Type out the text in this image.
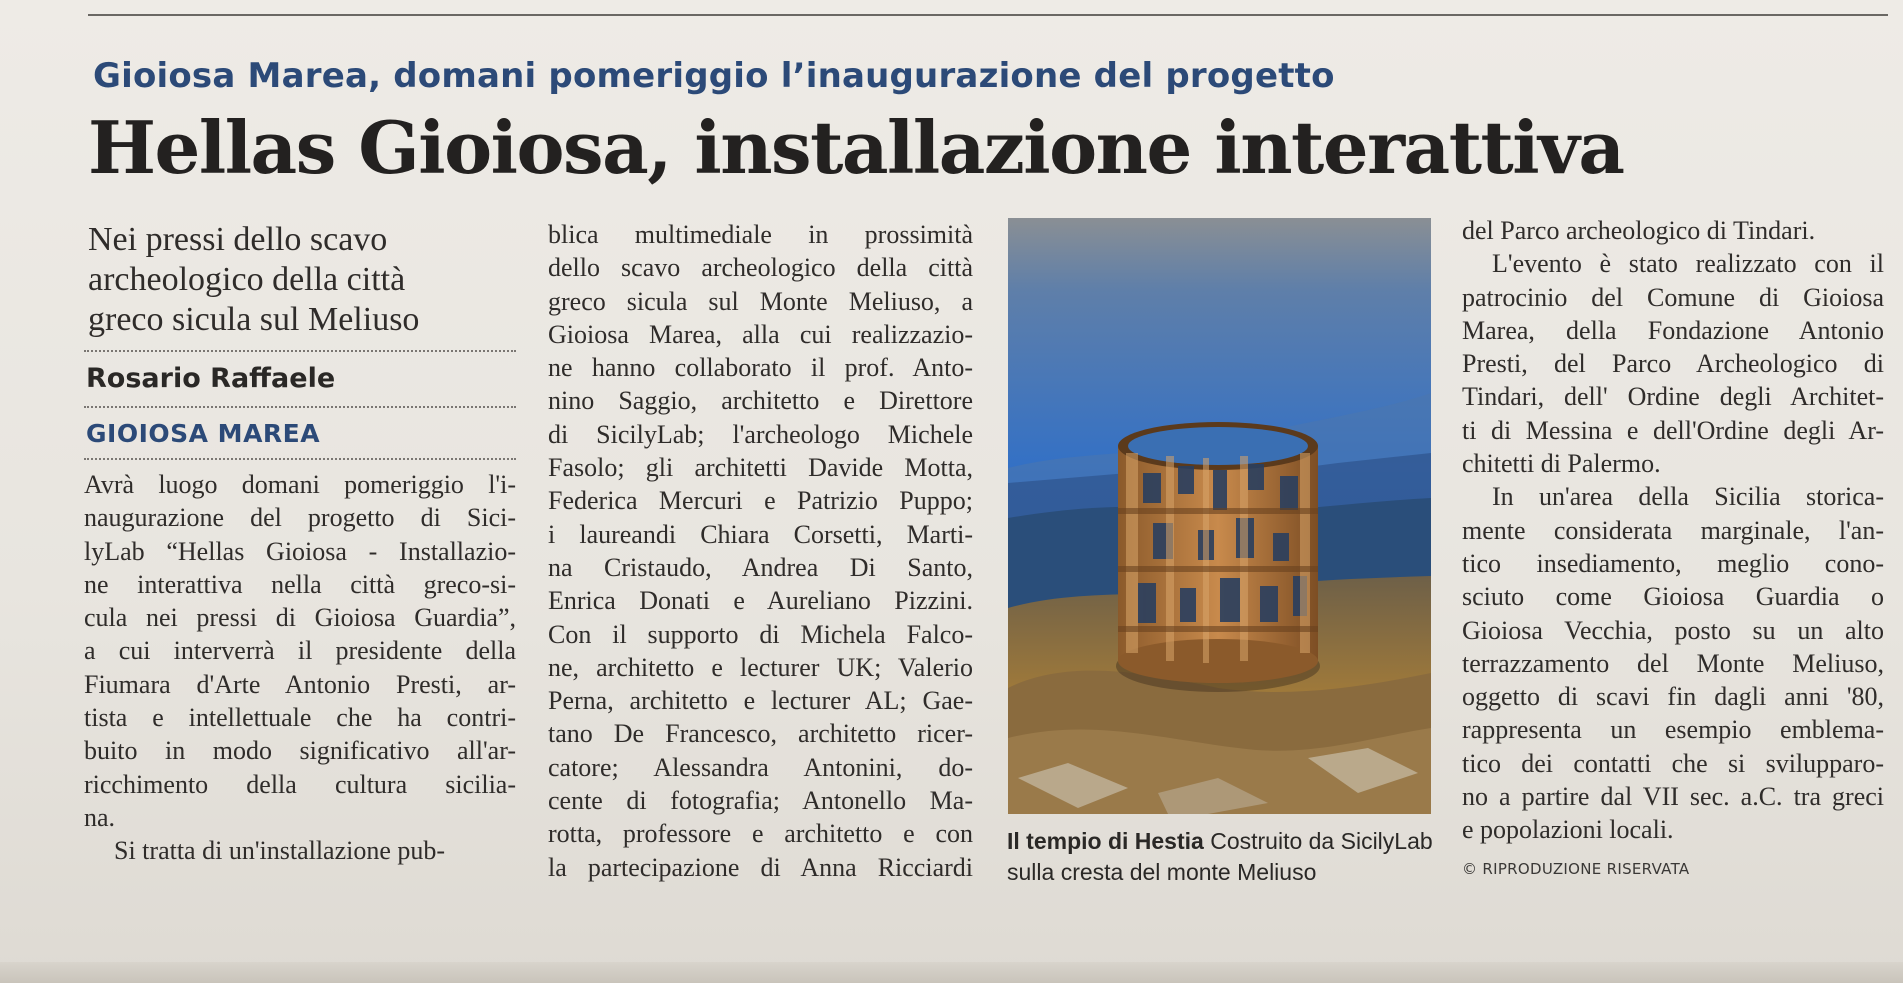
Gioiosa Marea, domani pomeriggio l’inaugurazione del progetto
Hellas Gioiosa, installazione interattiva
Nei pressi dello scavo
archeologico della città
greco sicula sul Meliuso
Rosario Raffaele
GIOIOSA MAREA
Avrà luogo domani pomeriggio l'i-
naugurazione del progetto di Sici-
lyLab “Hellas Gioiosa - Installazio-
ne interattiva nella città greco-si-
cula nei pressi di Gioiosa Guardia”,
a cui interverrà il presidente della
Fiumara d'Arte Antonio Presti, ar-
tista e intellettuale che ha contri-
buito in modo significativo all'ar-
ricchimento della cultura sicilia-
na.
Si tratta di un'installazione pub-
blica multimediale in prossimità
dello scavo archeologico della città
greco sicula sul Monte Meliuso, a
Gioiosa Marea, alla cui realizzazio-
ne hanno collaborato il prof. Anto-
nino Saggio, architetto e Direttore
di SicilyLab; l'archeologo Michele
Fasolo; gli architetti Davide Motta,
Federica Mercuri e Patrizio Puppo;
i laureandi Chiara Corsetti, Marti-
na Cristaudo, Andrea Di Santo,
Enrica Donati e Aureliano Pizzini.
Con il supporto di Michela Falco-
ne, architetto e lecturer UK; Valerio
Perna, architetto e lecturer AL; Gae-
tano De Francesco, architetto ricer-
catore; Alessandra Antonini, do-
cente di fotografia; Antonello Ma-
rotta, professore e architetto e con
la partecipazione di Anna Ricciardi
Il tempio di Hestia Costruito da SicilyLab sulla cresta del monte Meliuso
del Parco archeologico di Tindari.
L'evento è stato realizzato con il
patrocinio del Comune di Gioiosa
Marea, della Fondazione Antonio
Presti, del Parco Archeologico di
Tindari, dell' Ordine degli Architet-
ti di Messina e dell'Ordine degli Ar-
chitetti di Palermo.
In un'area della Sicilia storica-
mente considerata marginale, l'an-
tico insediamento, meglio cono-
sciuto come Gioiosa Guardia o
Gioiosa Vecchia, posto su un alto
terrazzamento del Monte Meliuso,
oggetto di scavi fin dagli anni '80,
rappresenta un esempio emblema-
tico dei contatti che si svilupparo-
no a partire dal VII sec. a.C. tra greci
e popolazioni locali.
© RIPRODUZIONE RISERVATA
